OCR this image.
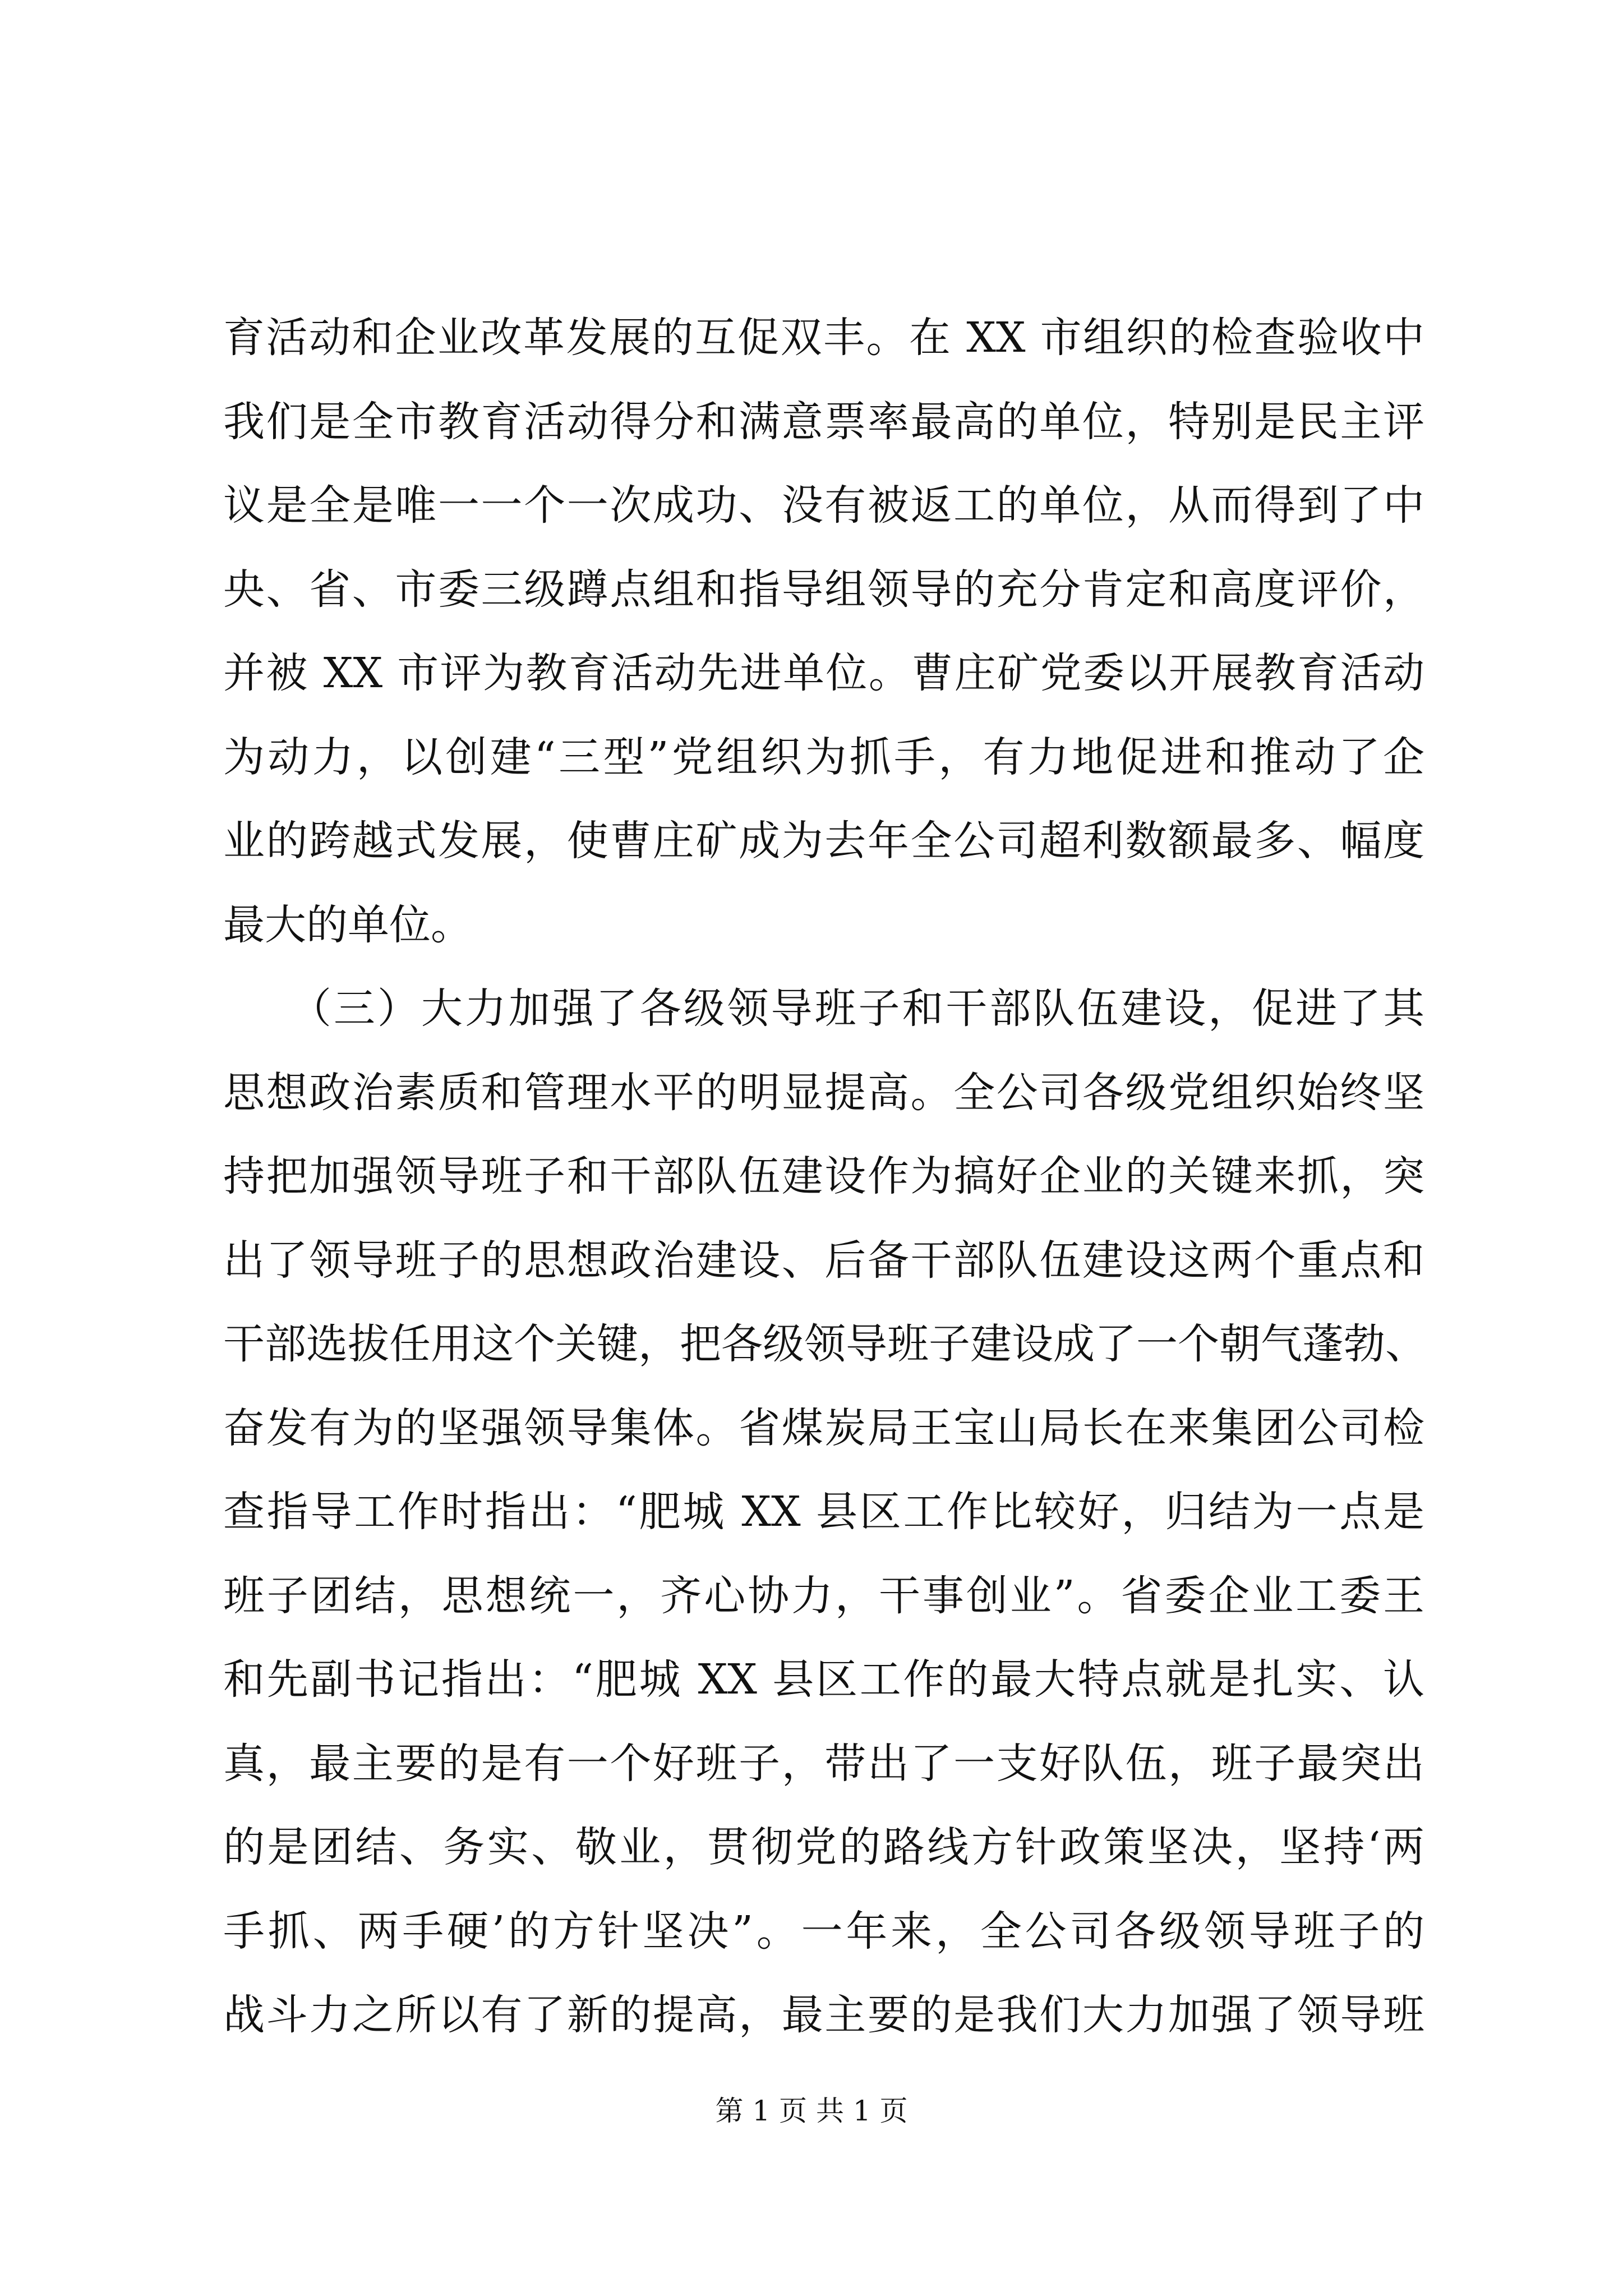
育活动和企业改革发展的互促双丰。在 XX 市组织的检查验收中
我们是全市教育活动得分和满意票率最高的单位，特别是民主评
议是全是唯一一个一次成功、没有被返工的单位，从而得到了中
央、省、市委三级蹲点组和指导组领导的充分肯定和高度评价，
并被 XX 市评为教育活动先进单位。曹庄矿党委以开展教育活动
为动力，以创建“三型”党组织为抓手，有力地促进和推动了企
业的跨越式发展，使曹庄矿成为去年全公司超利数额最多、幅度
最大的单位。
　　（三）大力加强了各级领导班子和干部队伍建设，促进了其
思想政治素质和管理水平的明显提高。全公司各级党组织始终坚
持把加强领导班子和干部队伍建设作为搞好企业的关键来抓，突
出了领导班子的思想政治建设、后备干部队伍建设这两个重点和
干部选拔任用这个关键，把各级领导班子建设成了一个朝气蓬勃、
奋发有为的坚强领导集体。省煤炭局王宝山局长在来集团公司检
查指导工作时指出：“肥城 XX 县区工作比较好，归结为一点是
班子团结，思想统一，齐心协力，干事创业”。省委企业工委王
和先副书记指出：“肥城 XX 县区工作的最大特点就是扎实、认
真，最主要的是有一个好班子，带出了一支好队伍，班子最突出
的是团结、务实、敬业，贯彻党的路线方针政策坚决，坚持‘两
手抓、两手硬’的方针坚决”。一年来，全公司各级领导班子的
战斗力之所以有了新的提高，最主要的是我们大力加强了领导班
第 1 页 共 1 页
